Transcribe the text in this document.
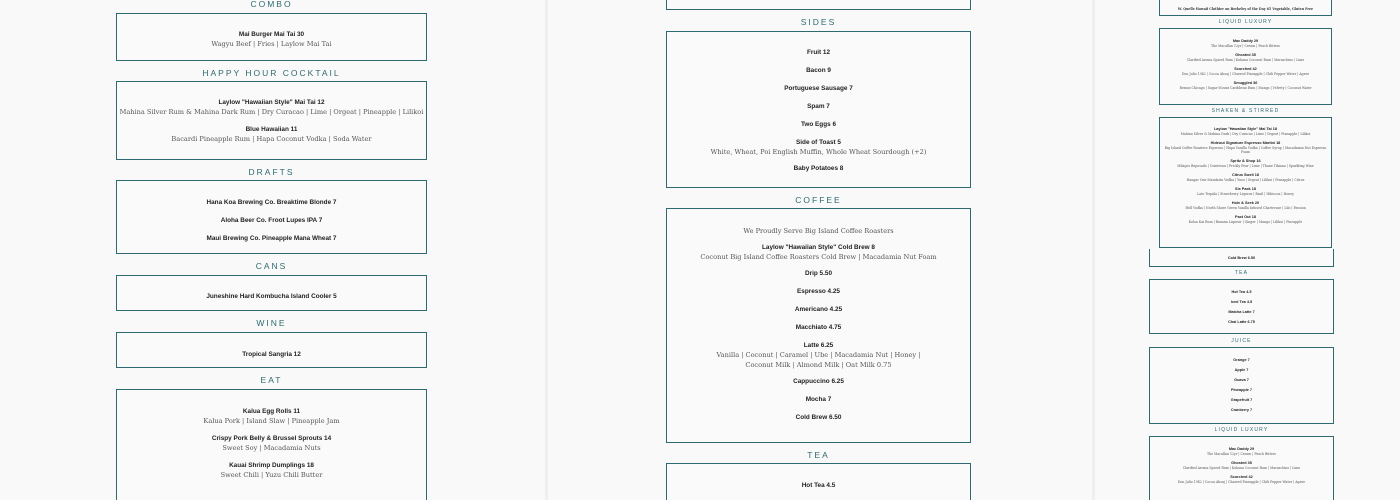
COMBO
Mai Burger Mai Tai 30
Wagyu Beef | Fries | Laylow Mai Tai
HAPPY HOUR COCKTAIL
Laylow "Hawaiian Style" Mai Tai 12
Mahina Silver Rum & Mahina Dark Rum | Dry Curacao | Lime | Orgeat | Pineapple | Lilikoi
Blue Hawaiian 11
Bacardi Pineapple Rum | Hapa Coconut Vodka | Soda Water
DRAFTS
Hana Koa Brewing Co. Breaktime Blonde 7
Aloha Beer Co. Froot Lupes IPA 7
Maui Brewing Co. Pineapple Mana Wheat 7
CANS
Juneshine Hard Kombucha Island Cooler 5
WINE
Tropical Sangria 12
EAT
Kalua Egg Rolls 11
Kalua Pork | Island Slaw | Pineapple Jam
Crispy Pork Belly & Brussel Sprouts 14
Sweet Soy | Macadamia Nuts
Kauai Shrimp Dumplings 18
Sweet Chili | Yuzu Chili Butter
SIDES
Fruit 12
Bacon 9
Portuguese Sausage 7
Spam 7
Two Eggs 6
Side of Toast 5
White, Wheat, Poi English Muffin, Whole Wheat Sourdough (+2)
Baby Potatoes 8
COFFEE
We Proudly Serve Big Island Coffee Roasters
Laylow "Hawaiian Style" Cold Brew 8
Coconut Big Island Coffee Roasters Cold Brew | Macadamia Nut Foam
Drip 5.50
Espresso 4.25
Americano 4.25
Macchiato 4.75
Latte 6.25
Vanilla | Coconut | Caramel | Ube | Macadamia Nut | Honey |
Coconut Milk | Almond Milk | Oat Milk 0.75
Cappuccino 6.25
Mocha 7
Cold Brew 6.50
TEA
Hot Tea 4.5
W. Quelle Hawaii Clothier on Berkeley of the Day 65 Vegetable, Gluten Free
LIQUID LUXURY
Mac Daddy 29
The Macallan 12yr | Cream | Peach Bitters
Ghosted 35
Clarified Aroma Spiced Rum | Kohana Coconut Rum | Maraschino | Lime
Scorched 42
Don Julio 1942 | Cocoa Ahoaj | Charred Pineapple | Chili Pepper Water | Agave
Smuggled 36
Remus Chicago | Sugar Mount Caribbean Rum | Mango | Velvety | Coconut Water
SHAKEN & STIRRED
Laylow "Hawaiian Style" Mai Tai 18
Mahina Silver & Mahina Dark | Dry Curacao | Lime | Orgeat | Pineapple | Lilikoi
Hideout Signature Espresso Martini 18
Big Island Coffee Roasters Espresso | Hapa Vanilla Vodka | Coffee Syrup | Macadamia Nut Espresso Foam
Spritz & Shop 16
Milagro Reposado | Cointreau | Prickly Pear | Lime | Thane Tikiana | Sparkling Wine
Citrus Swell 18
Hangar One Mandarin Vodka | Yuzu | Orgeat | Lilikoi | Pineapple | Citrus
Six Pack 18
Late Tequila | Strawberry Liqueur | Basil | Hibiscus | Honey
Hole & Seek 20
Hell Vodka | North Shore Green Vanilla Infused Chartreuse | Lilo | Passion
Pact Out 18
Koloa Kai Rum | Banana Liqueur | Ginger | Mango | Lilikoi | Pineapple
Cold Brew 6.50
TEA
Hot Tea 4.5
Iced Tea 4.5
Matcha Latte 7
Chai Latte 6.75
JUICE
Orange 7
Apple 7
Guava 7
Pineapple 7
Grapefruit 7
Cranberry 7
LIQUID LUXURY
Mac Daddy 29
The Macallan 12yr | Cream | Peach Bitters
Ghosted 35
Clarified Aroma Spiced Rum | Kohana Coconut Rum | Maraschino | Lime
Scorched 42
Don Julio 1942 | Cocoa Ahoaj | Charred Pineapple | Chili Pepper Water | Agave
